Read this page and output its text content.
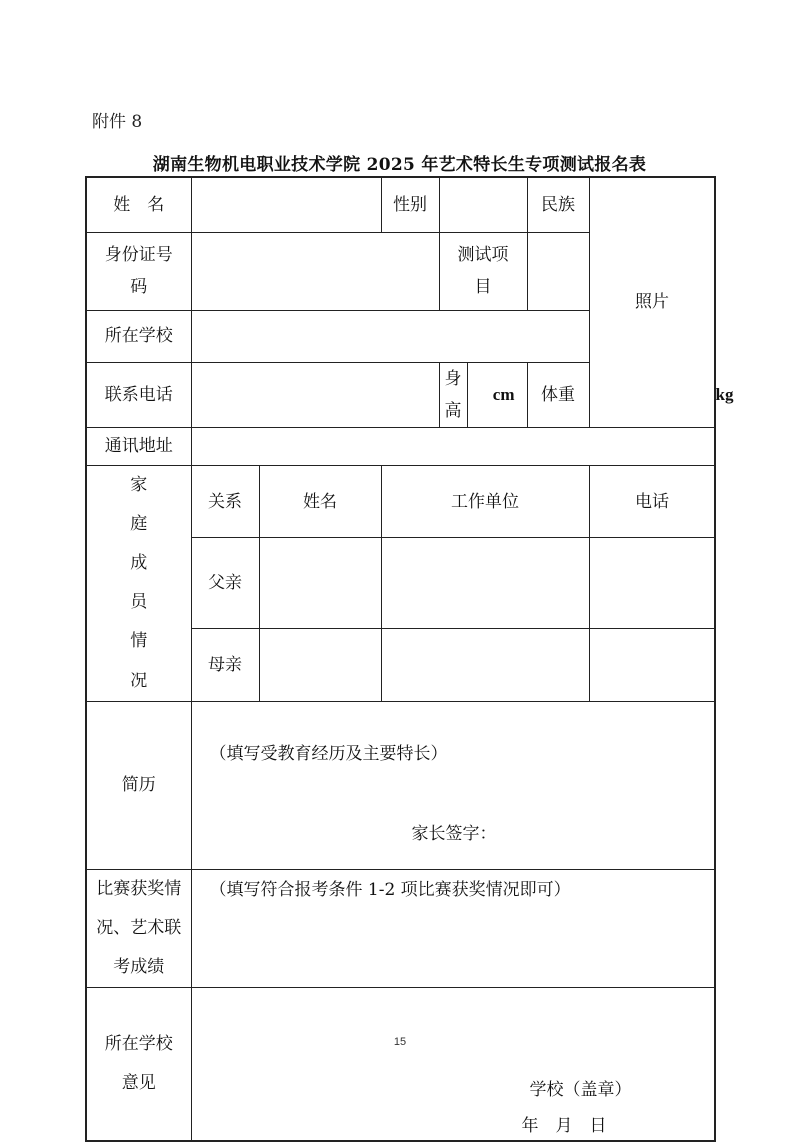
附件 8
湖南生物机电职业技术学院 2025 年艺术特长生专项测试报名表
姓　名			性别			民族	照片	
身份证号码				测试项目				
所在学校								
联系电话				身高	cm	体重		kg
通讯地址								
家庭成员情况	关系	姓名	工作单位				电话	
	父亲							
	母亲							
简历	（填写受教育经历及主要特长）
家长签字：							

比赛获奖情况、艺术联考成绩	（填写符合报考条件 1-2 项比赛获奖情况即可）							

所在学校意见	学校（盖章）
年　月　日							
15
